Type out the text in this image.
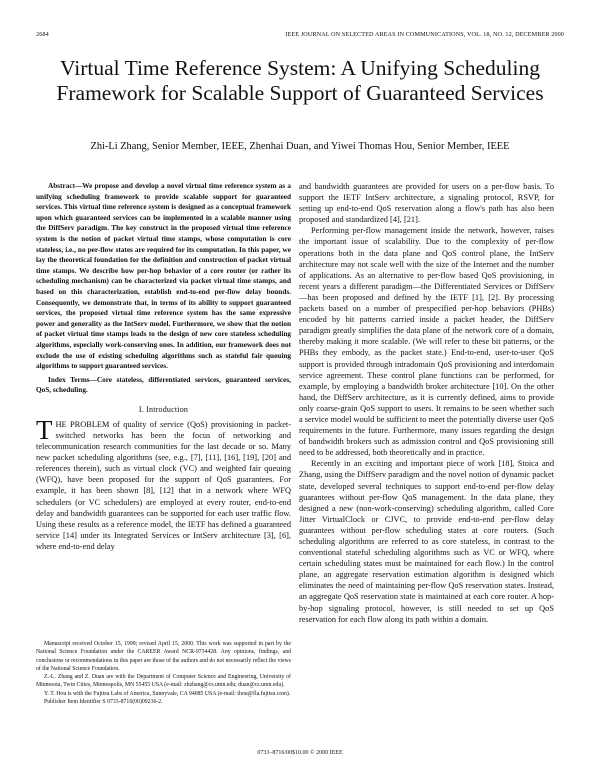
2684	IEEE JOURNAL ON SELECTED AREAS IN COMMUNICATIONS, VOL. 18, NO. 12, DECEMBER 2000
Virtual Time Reference System: A Unifying Scheduling Framework for Scalable Support of Guaranteed Services
Zhi-Li Zhang, Senior Member, IEEE, Zhenhai Duan, and Yiwei Thomas Hou, Senior Member, IEEE

Abstract—We propose and develop a novel virtual time reference system as a unifying scheduling framework to provide scalable support for guaranteed services. This virtual time reference system is designed as a conceptual framework upon which guaranteed services can be implemented in a scalable manner using the DiffServ paradigm. The key construct in the proposed virtual time reference system is the notion of packet virtual time stamps, whose computation is core stateless, i.e., no per-flow states are required for its computation. In this paper, we lay the theoretical foundation for the definition and construction of packet virtual time stamps. We describe how per-hop behavior of a core router (or rather its scheduling mechanism) can be characterized via packet virtual time stamps, and based on this characterization, establish end-to-end per-flow delay bounds. Consequently, we demonstrate that, in terms of its ability to support guaranteed services, the proposed virtual time reference system has the same expressive power and generality as the IntServ model. Furthermore, we show that the notion of packet virtual time stamps leads to the design of new core stateless scheduling algorithms, especially work-conserving ones. In addition, our framework does not exclude the use of existing scheduling algorithms such as stateful fair queuing algorithms to support guaranteed services.

Index Terms—Core stateless, differentiated services, guaranteed services, QoS, scheduling.

I. Introduction

THE PROBLEM of quality of service (QoS) provisioning in packet-switched networks has been the focus of networking and telecommunication research communities for the last decade or so. Many new packet scheduling algorithms (see, e.g., [7], [11], [16], [19], [20] and references therein), such as virtual clock (VC) and weighted fair queuing (WFQ), have been proposed for the support of QoS guarantees. For example, it has been shown [8], [12] that in a network where WFQ schedulers (or VC schedulers) are employed at every router, end-to-end delay and bandwidth guarantees can be supported for each user traffic flow. Using these results as a reference model, the IETF has defined a guaranteed service [14] under its Integrated Services or IntServ architecture [3], [6], where end-to-end delay

and bandwidth guarantees are provided for users on a per-flow basis. To support the IETF IntServ architecture, a signaling protocol, RSVP, for setting up end-to-end QoS reservation along a flow's path has also been proposed and standardized [4], [21].

Performing per-flow management inside the network, however, raises the important issue of scalability. Due to the complexity of per-flow operations both in the data plane and QoS control plane, the IntServ architecture may not scale well with the size of the Internet and the number of applications. As an alternative to per-flow based QoS provisioning, in recent years a different paradigm—the Differentiated Services or DiffServ—has been proposed and defined by the IETF [1], [2]. By processing packets based on a number of prespecified per-hop behaviors (PHBs) encoded by bit patterns carried inside a packet header, the DiffServ paradigm greatly simplifies the data plane of the network core of a domain, thereby making it more scalable. (We will refer to these bit patterns, or the PHBs they embody, as the packet state.) End-to-end, user-to-user QoS support is provided through intradomain QoS provisioning and interdomain service agreement. These control plane functions can be performed, for example, by employing a bandwidth broker architecture [10]. On the other hand, the DiffServ architecture, as it is currently defined, aims to provide only coarse-grain QoS support to users. It remains to be seen whether such a service model would be sufficient to meet the potentially diverse user QoS requirements in the future. Furthermore, many issues regarding the design of bandwidth brokers such as admission control and QoS provisioning still need to be addressed, both theoretically and in practice.

Recently in an exciting and important piece of work [18], Stoica and Zhang, using the DiffServ paradigm and the novel notion of dynamic packet state, developed several techniques to support end-to-end per-flow delay guarantees without per-flow QoS management. In the data plane, they designed a new (non-work-conserving) scheduling algorithm, called Core Jitter VirtualClock or CJVC, to provide end-to-end per-flow delay guarantees without per-flow scheduling states at core routers. (Such scheduling algorithms are referred to as core stateless, in contrast to the conventional stateful scheduling algorithms such as VC or WFQ, where certain scheduling states must be maintained for each flow.) In the control plane, an aggregate reservation estimation algorithm is designed which eliminates the need of maintaining per-flow QoS reservation states. Instead, an aggregate QoS reservation state is maintained at each core router. A hop-by-hop signaling protocol, however, is still needed to set up QoS reservation for each flow along its path within a domain.

Manuscript received October 15, 1999; revised April 15, 2000. This work was supported in part by the National Science Foundation under the CAREER Award NCR-9734428. Any opinions, findings, and conclusions or recommendations in this paper are those of the authors and do not necessarily reflect the views of the National Science Foundation.

Z.-L. Zhang and Z. Duan are with the Department of Computer Science and Engineering, University of Minnesota, Twin Cities, Minneapolis, MN 55455 USA (e-mail: zhzhang@cs.umn.edu; duan@cs.umn.edu).

Y. T. Hou is with the Fujitsu Labs of America, Sunnyvale, CA 94085 USA (e-mail: thou@fla.fujitsu.com).

Publisher Item Identifier S 0733-8716(00)09236-2.

0733–8716/00$10.00 © 2000 IEEE
